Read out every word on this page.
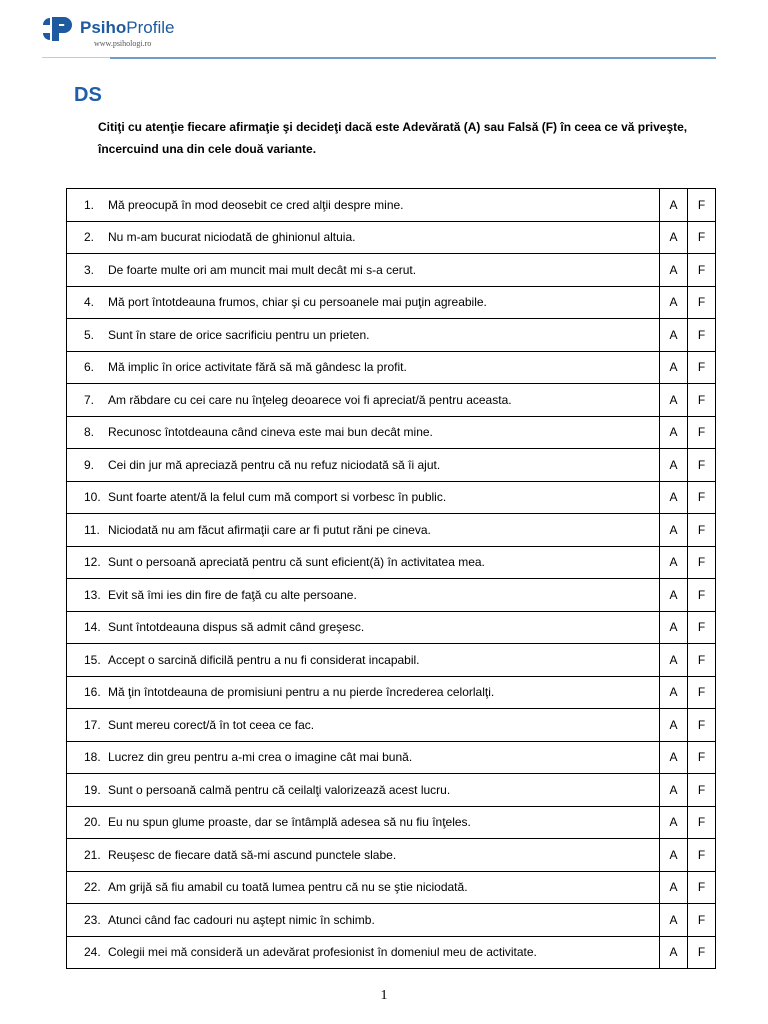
PsihoProfile
www.psihologi.ro
DS

Citiţi cu atenţie fiecare afirmaţie şi decideţi dacă este Adevărată (A) sau Falsă (F) în ceea ce vă priveşte, încercuind una din cele două variante.

1. Mă preocupă în mod deosebit ce cred alţii despre mine.	A	F
2. Nu m-am bucurat niciodată de ghinionul altuia.	A	F
3. De foarte multe ori am muncit mai mult decât mi s-a cerut.	A	F
4. Mă port întotdeauna frumos, chiar şi cu persoanele mai puţin agreabile.	A	F
5. Sunt în stare de orice sacrificiu pentru un prieten.	A	F
6. Mă implic în orice activitate fără să mă gândesc la profit.	A	F
7. Am răbdare cu cei care nu înţeleg deoarece voi fi apreciat/ă pentru aceasta.	A	F
8. Recunosc întotdeauna când cineva este mai bun decât mine.	A	F
9. Cei din jur mă apreciază pentru că nu refuz niciodată să îi ajut.	A	F
10. Sunt foarte atent/ă la felul cum mă comport si vorbesc în public.	A	F
11. Niciodată nu am făcut afirmaţii care ar fi putut răni pe cineva.	A	F
12. Sunt o persoană apreciată pentru că sunt eficient(ă) în activitatea mea.	A	F
13. Evit să îmi ies din fire de faţă cu alte persoane.	A	F
14. Sunt întotdeauna dispus să admit când greşesc.	A	F
15. Accept o sarcină dificilă pentru a nu fi considerat incapabil.	A	F
16. Mă ţin întotdeauna de promisiuni pentru a nu pierde încrederea celorlalţi.	A	F
17. Sunt mereu corect/ă în tot ceea ce fac.	A	F
18. Lucrez din greu pentru a-mi crea o imagine cât mai bună.	A	F
19. Sunt o persoană calmă pentru că ceilalţi valorizează acest lucru.	A	F
20. Eu nu spun glume proaste, dar se întâmplă adesea să nu fiu înţeles.	A	F
21. Reuşesc de fiecare dată să-mi ascund punctele slabe.	A	F
22. Am grijă să fiu amabil cu toată lumea pentru că nu se ştie niciodată.	A	F
23. Atunci când fac cadouri nu aştept nimic în schimb.	A	F
24. Colegii mei mă consideră un adevărat profesionist în domeniul meu de activitate.	A	F
1
